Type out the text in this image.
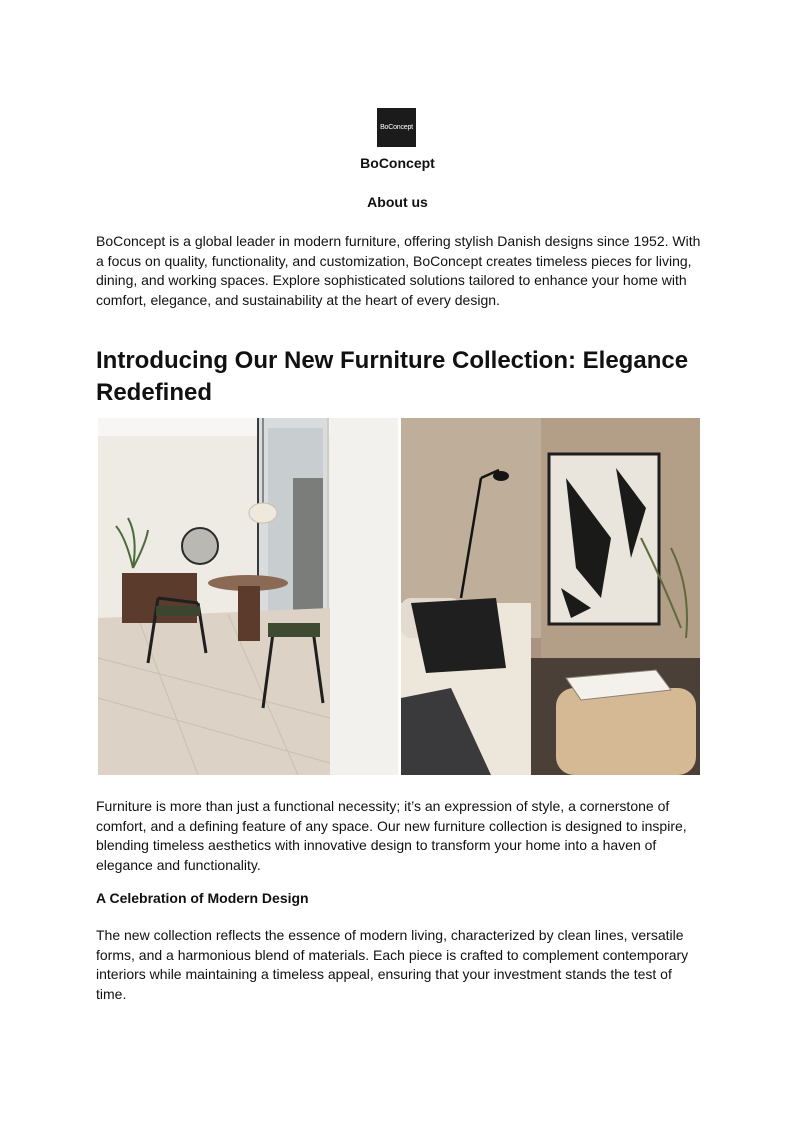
BoConcept
BoConcept
About us

BoConcept is a global leader in modern furniture, offering stylish Danish designs since 1952. With a focus on quality, functionality, and customization, BoConcept creates timeless pieces for living, dining, and working spaces. Explore sophisticated solutions tailored to enhance your home with comfort, elegance, and sustainability at the heart of every design.

Introducing Our New Furniture Collection: Elegance Redefined

Furniture is more than just a functional necessity; it’s an expression of style, a cornerstone of comfort, and a defining feature of any space. Our new furniture collection is designed to inspire, blending timeless aesthetics with innovative design to transform your home into a haven of elegance and functionality.

A Celebration of Modern Design

The new collection reflects the essence of modern living, characterized by clean lines, versatile forms, and a harmonious blend of materials. Each piece is crafted to complement contemporary interiors while maintaining a timeless appeal, ensuring that your investment stands the test of time.
